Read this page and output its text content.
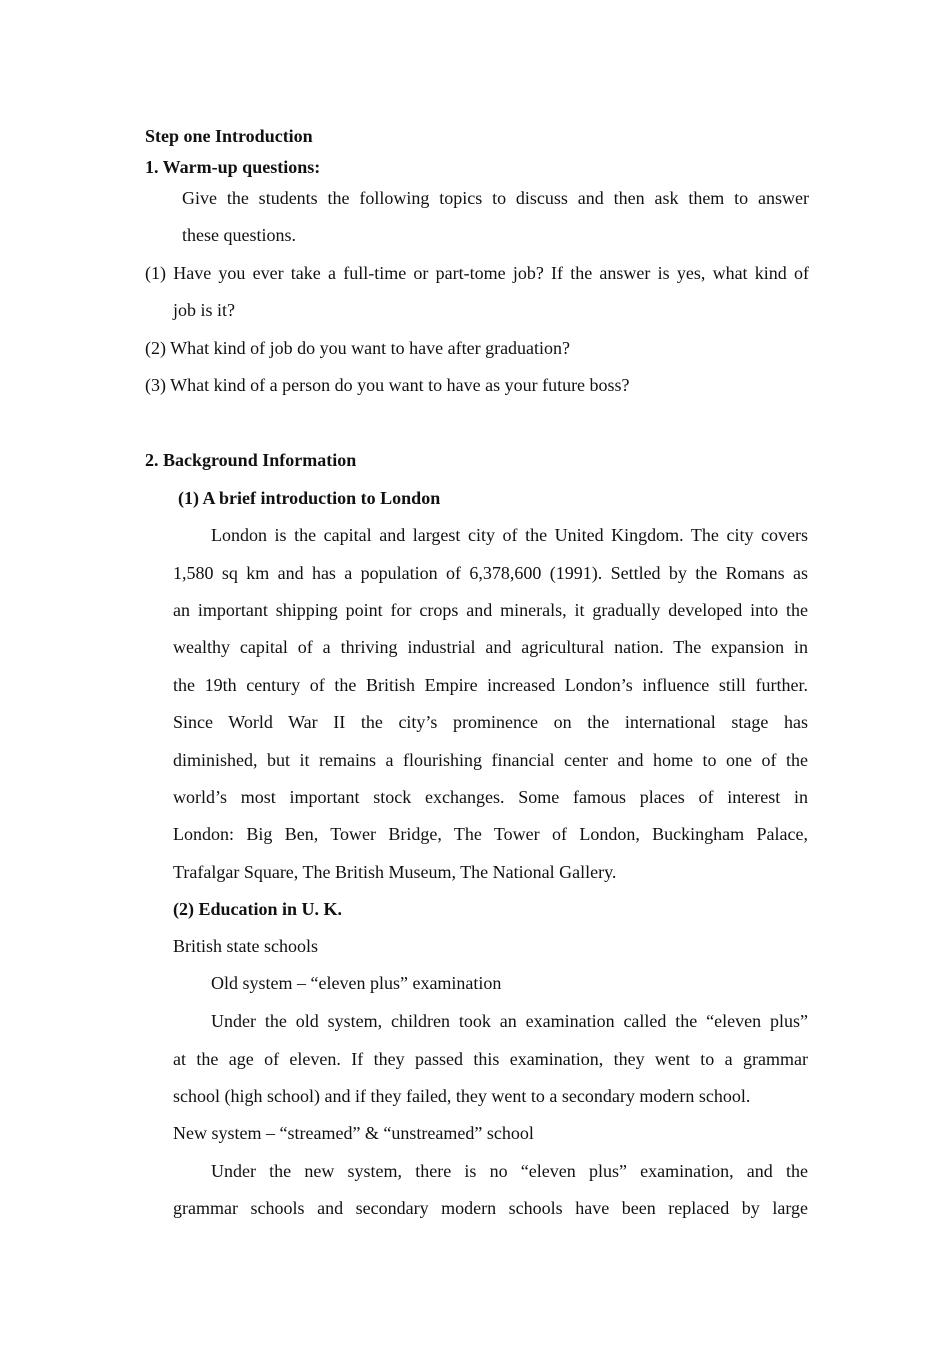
Step one Introduction
1. Warm-up questions:
Give the students the following topics to discuss and then ask them to answer
these questions.
(1) Have you ever take a full-time or part-tome job? If the answer is yes, what kind of
job is it?
(2) What kind of job do you want to have after graduation?
(3) What kind of a person do you want to have as your future boss?
2. Background Information
(1) A brief introduction to London
London is the capital and largest city of the United Kingdom. The city covers
1,580 sq km and has a population of 6,378,600 (1991). Settled by the Romans as
an important shipping point for crops and minerals, it gradually developed into the
wealthy capital of a thriving industrial and agricultural nation. The expansion in
the 19th century of the British Empire increased London’s influence still further.
Since World War II the city’s prominence on the international stage has
diminished, but it remains a flourishing financial center and home to one of the
world’s most important stock exchanges. Some famous places of interest in
London: Big Ben, Tower Bridge, The Tower of London, Buckingham Palace,
Trafalgar Square, The British Museum, The National Gallery.
(2) Education in U. K.
British state schools
Old system – “eleven plus” examination
Under the old system, children took an examination called the “eleven plus”
at the age of eleven. If they passed this examination, they went to a grammar
school (high school) and if they failed, they went to a secondary modern school.
New system – “streamed” & “unstreamed” school
Under the new system, there is no “eleven plus” examination, and the
grammar schools and secondary modern schools have been replaced by large
